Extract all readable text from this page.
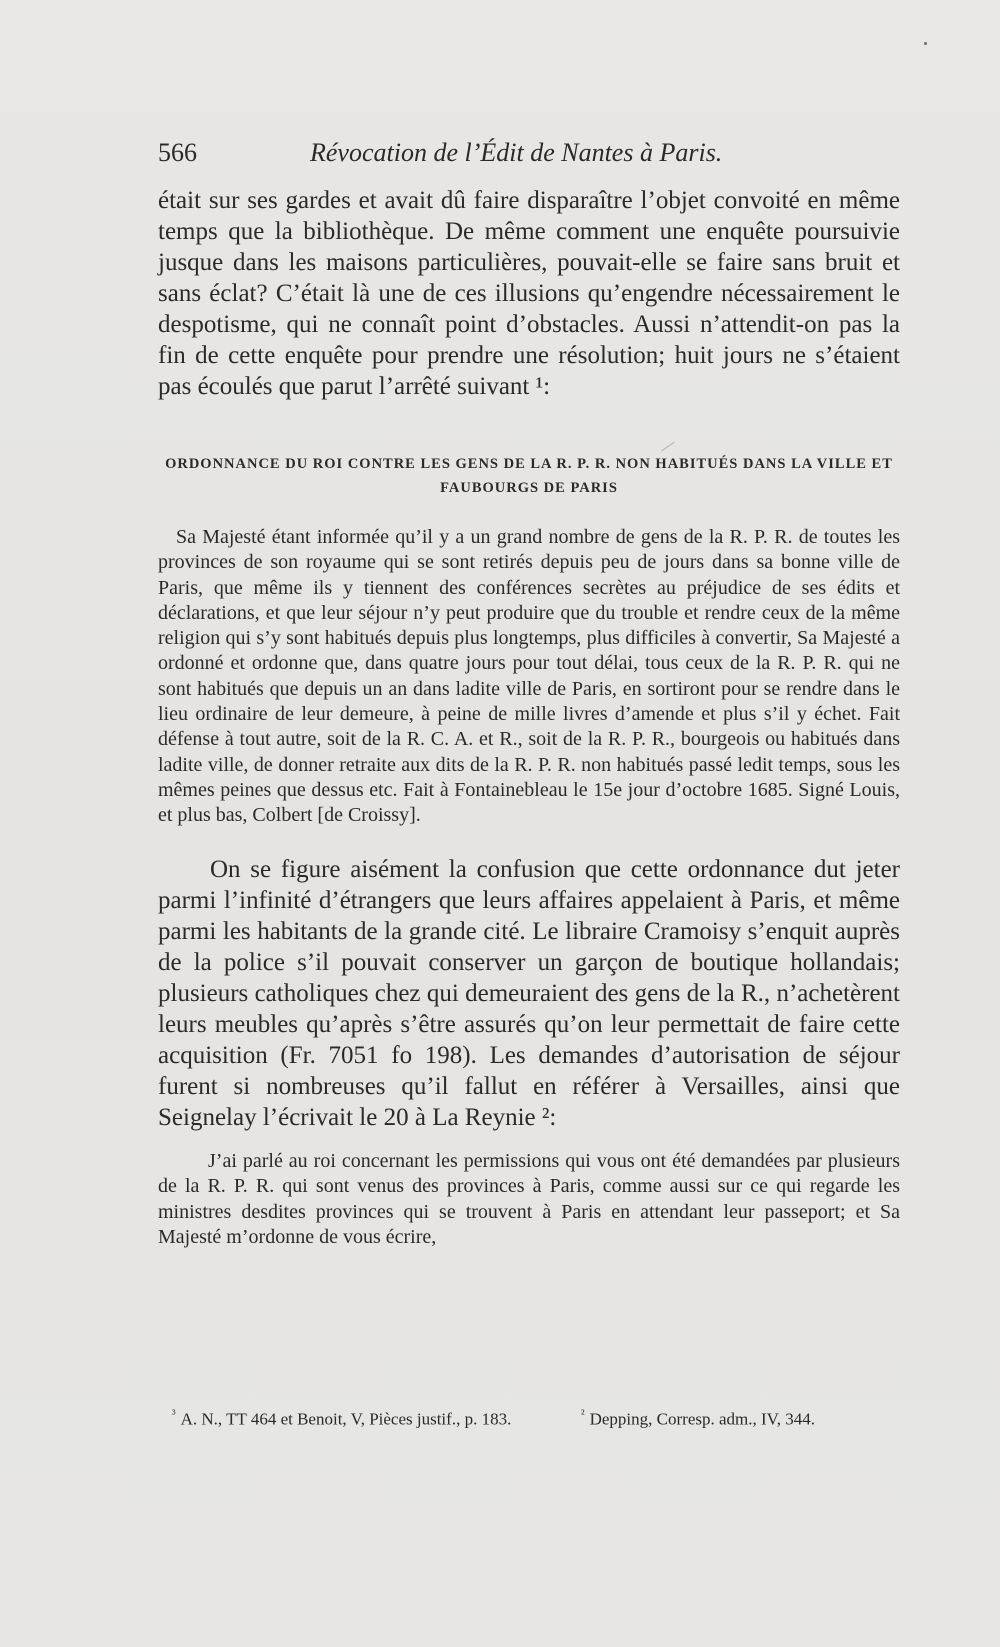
566	Révocation de l’Édit de Nantes à Paris.

était sur ses gardes et avait dû faire disparaître l’objet convoité en même temps que la bibliothèque. De même comment une enquête poursuivie jusque dans les maisons particulières, pouvait-elle se faire sans bruit et sans éclat? C’était là une de ces illusions qu’engendre nécessairement le despotisme, qui ne connaît point d’obstacles. Aussi n’attendit-on pas la fin de cette enquête pour prendre une résolution; huit jours ne s’étaient pas écoulés que parut l’arrêté suivant ¹:

ORDONNANCE DU ROI CONTRE LES GENS DE LA R. P. R. NON HABITUÉS DANS LA VILLE ET FAUBOURGS DE PARIS

Sa Majesté étant informée qu’il y a un grand nombre de gens de la R. P. R. de toutes les provinces de son royaume qui se sont retirés depuis peu de jours dans sa bonne ville de Paris, que même ils y tiennent des conférences secrètes au préjudice de ses édits et déclarations, et que leur séjour n’y peut produire que du trouble et rendre ceux de la même religion qui s’y sont habitués depuis plus longtemps, plus difficiles à convertir, Sa Majesté a ordonné et ordonne que, dans quatre jours pour tout délai, tous ceux de la R. P. R. qui ne sont habitués que depuis un an dans ladite ville de Paris, en sortiront pour se rendre dans le lieu ordinaire de leur demeure, à peine de mille livres d’amende et plus s’il y échet. Fait défense à tout autre, soit de la R. C. A. et R., soit de la R. P. R., bourgeois ou habitués dans ladite ville, de donner retraite aux dits de la R. P. R. non habitués passé ledit temps, sous les mêmes peines que dessus etc. Fait à Fontainebleau le 15e jour d’octobre 1685. Signé Louis, et plus bas, Colbert [de Croissy].

On se figure aisément la confusion que cette ordonnance dut jeter parmi l’infinité d’étrangers que leurs affaires appelaient à Paris, et même parmi les habitants de la grande cité. Le libraire Cramoisy s’enquit auprès de la police s’il pouvait conserver un garçon de boutique hollandais; plusieurs catholiques chez qui demeuraient des gens de la R., n’achetèrent leurs meubles qu’après s’être assurés qu’on leur permettait de faire cette acquisition (Fr. 7051 fo 198). Les demandes d’autorisation de séjour furent si nombreuses qu’il fallut en référer à Versailles, ainsi que Seignelay l’écrivait le 20 à La Reynie ²:

J’ai parlé au roi concernant les permissions qui vous ont été demandées par plusieurs de la R. P. R. qui sont venus des provinces à Paris, comme aussi sur ce qui regarde les ministres desdites provinces qui se trouvent à Paris en attendant leur passeport; et Sa Majesté m’ordonne de vous écrire,

$^{^3}$ A. N., TT 464 et Benoit, V, Pièces justif., p. 183.	$^{^2}$ Depping, Corresp. adm., IV, 344.
